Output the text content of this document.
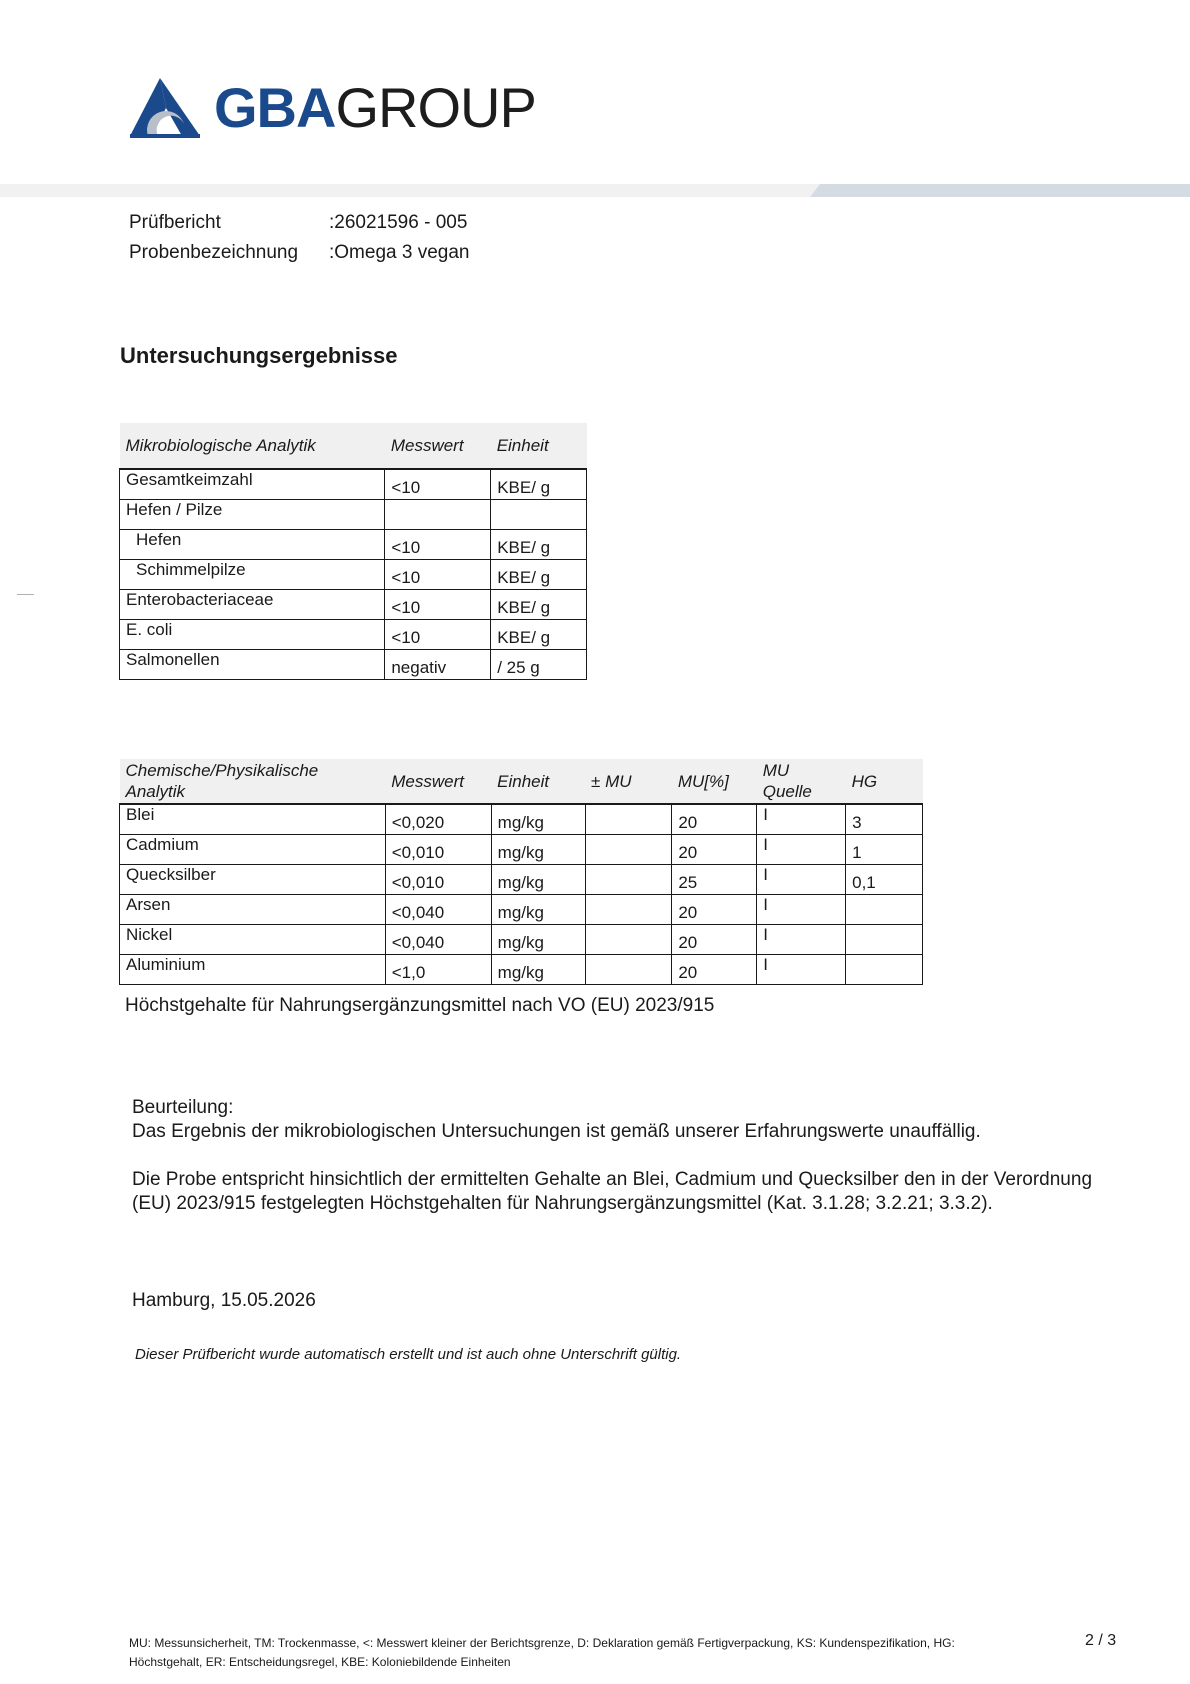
GBAGROUP
Prüfbericht	:26021596 - 005
Probenbezeichnung	:Omega 3 vegan
Untersuchungsergebnisse
Mikrobiologische Analytik	Messwert	Einheit
Gesamtkeimzahl	<10	KBE/ g
Hefen / Pilze		
Hefen	<10	KBE/ g
Schimmelpilze	<10	KBE/ g
Enterobacteriaceae	<10	KBE/ g
E. coli	<10	KBE/ g
Salmonellen	negativ	/ 25 g
Chemische/Physikalische Analytik	Messwert	Einheit	± MU	MU[%]	MU Quelle	HG
Blei	<0,020	mg/kg		20	I	3
Cadmium	<0,010	mg/kg		20	I	1
Quecksilber	<0,010	mg/kg		25	I	0,1
Arsen	<0,040	mg/kg		20	I	
Nickel	<0,040	mg/kg		20	I	
Aluminium	<1,0	mg/kg		20	I	
Höchstgehalte für Nahrungsergänzungsmittel nach VO (EU) 2023/915

Beurteilung:

Das Ergebnis der mikrobiologischen Untersuchungen ist gemäß unserer Erfahrungswerte unauffällig.

Die Probe entspricht hinsichtlich der ermittelten Gehalte an Blei, Cadmium und Quecksilber den in der Verordnung (EU) 2023/915 festgelegten Höchstgehalten für Nahrungsergänzungsmittel (Kat. 3.1.28; 3.2.21; 3.3.2).

Hamburg, 15.05.2026
Dieser Prüfbericht wurde automatisch erstellt und ist auch ohne Unterschrift gültig.
MU: Messunsicherheit, TM: Trockenmasse, <: Messwert kleiner der Berichtsgrenze, D: Deklaration gemäß Fertigverpackung, KS: Kundenspezifikation, HG: Höchstgehalt, ER: Entscheidungsregel, KBE: Koloniebildende Einheiten
2 / 3
